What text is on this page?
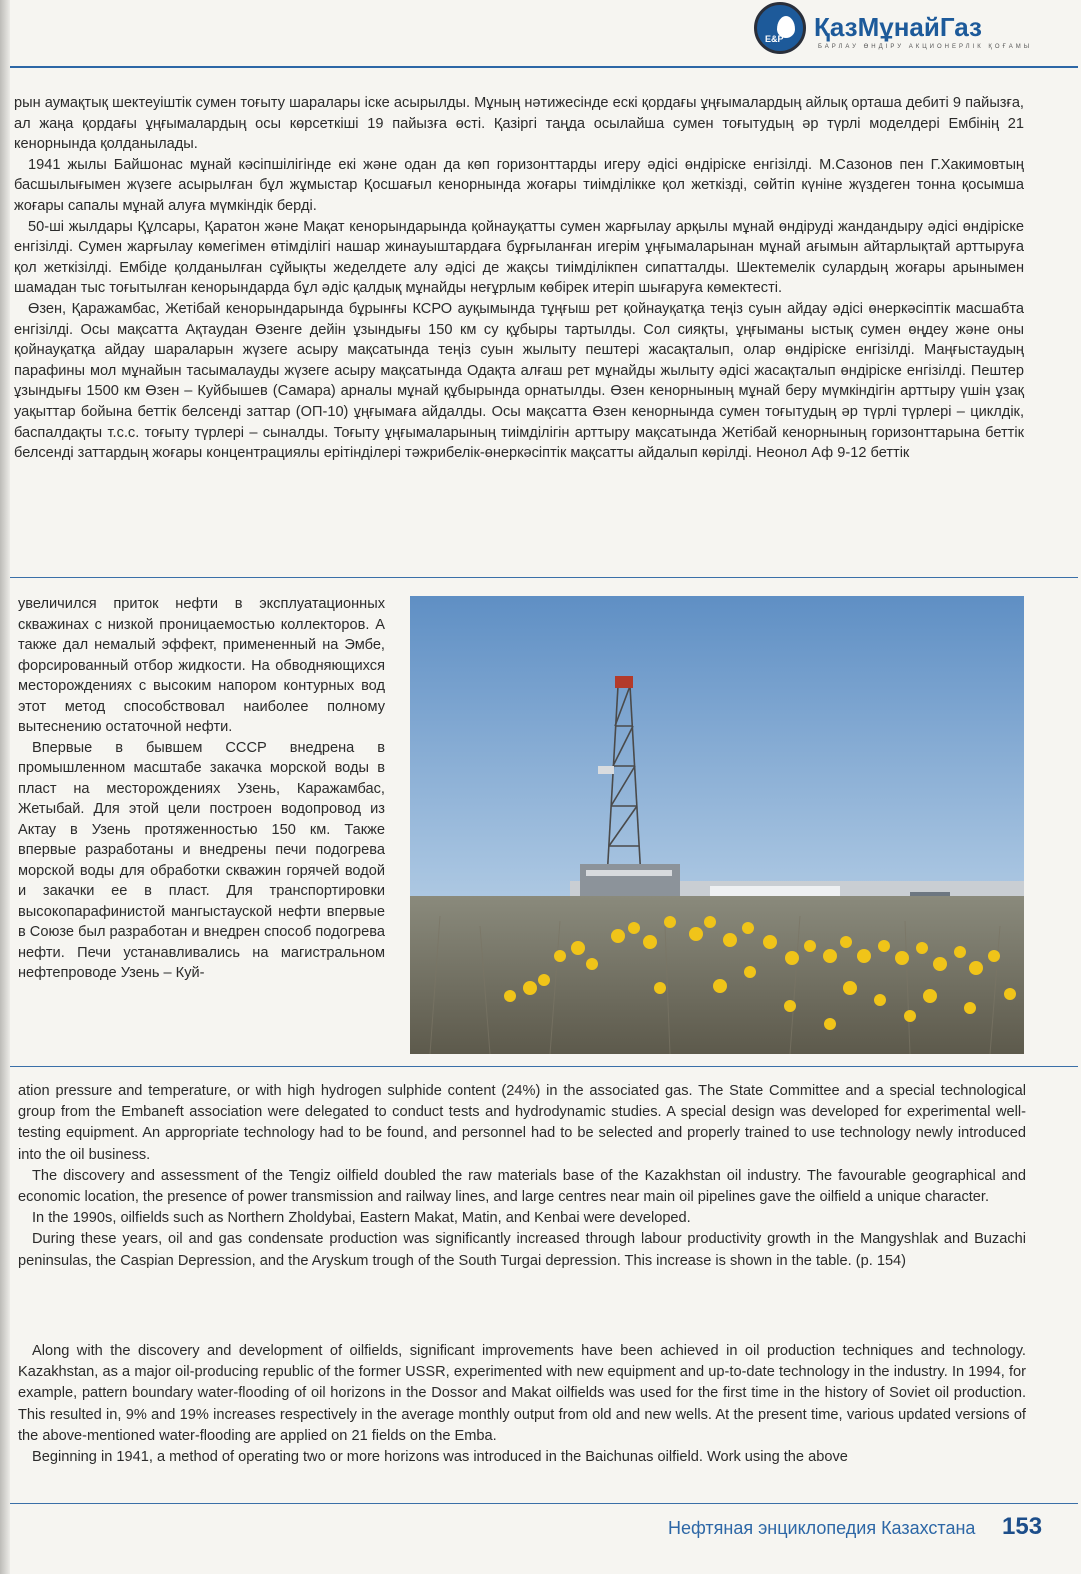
E&P ҚазМұнайГаз
БАРЛАУ ӨНДІРУ АКЦИОНЕРЛІК ҚОҒАМЫ

рын аумақтық шектеуіштік сумен тоғыту шаралары іске асырылды. Мұның нәтижесінде ескі қордағы ұңғымалардың айлық орташа дебиті 9 пайызға, ал жаңа қордағы ұңғымалардың осы көрсеткіші 19 пайызға өсті. Қазіргі таңда осылайша сумен тоғытудың әр түрлі моделдері Ембінің 21 кенорнында қолданылады.

1941 жылы Байшонас мұнай кәсіпшілігінде екі және одан да көп горизонттарды игеру әдісі өндіріске енгізілді. М.Сазонов пен Г.Хакимовтың басшылығымен жүзеге асырылған бұл жұмыстар Қосшағыл кенорнында жоғары тиімділікке қол жеткізді, сөйтіп күніне жүздеген тонна қосымша жоғары сапалы мұнай алуға мүмкіндік берді.

50-ші жылдары Құлсары, Қаратон және Мақат кенорындарында қойнауқатты сумен жарғылау арқылы мұнай өндіруді жандандыру әдісі өндіріске енгізілді. Сумен жарғылау көмегімен өтімділігі нашар жинауыштардаға бұрғыланған игерім ұңғымаларынан мұнай ағымын айтарлықтай арттыруға қол жеткізілді. Ембіде қолданылған сұйықты жеделдете алу әдісі де жақсы тиімділікпен сипатталды. Шектемелік сулардың жоғары арынымен шамадан тыс тоғытылған кенорындарда бұл әдіс қалдық мұнайды неғұрлым көбірек итеріп шығаруға көмектесті.

Өзен, Қаражамбас, Жетібай кенорындарында бұрынғы КСРО ауқымында тұңғыш рет қойнауқатқа теңіз суын айдау әдісі өнеркәсіптік масшабта енгізілді. Осы мақсатта Ақтаудан Өзенге дейін ұзындығы 150 км су құбыры тартылды. Сол сияқты, ұңғыманы ыстық сумен өңдеу және оны қойнауқатқа айдау шараларын жүзеге асыру мақсатында теңіз суын жылыту пештері жасақталып, олар өндіріске енгізілді. Маңғыстаудың парафины мол мұнайын тасымалауды жүзеге асыру мақсатында Одақта алғаш рет мұнайды жылыту әдісі жасақталып өндіріске енгізілді. Пештер ұзындығы 1500 км Өзен – Куйбышев (Самара) арналы мұнай құбырында орнатылды. Өзен кенорнының мұнай беру мүмкіндігін арттыру үшін ұзақ уақыттар бойына беттік белсенді заттар (ОП-10) ұңғымаға айдалды. Осы мақсатта Өзен кенорнында сумен тоғытудың әр түрлі түрлері – циклдік, баспалдақты т.с.с. тоғыту түрлері – сыналды. Тоғыту ұңғымаларының тиімділігін арттыру мақсатында Жетібай кенорнының горизонттарына беттік белсенді заттардың жоғары концентрациялы ерітінділері тәжрибелік-өнеркәсіптік мақсатты айдалып көрілді. Неонол Аф 9-12 беттік

увеличился приток нефти в эксплуатационных скважинах с низкой проницаемостью коллекторов. А также дал немалый эффект, примененный на Эмбе, форсированный отбор жидкости. На обводняющихся месторождениях с высоким напором контурных вод этот метод способствовал наиболее полному вытеснению остаточной нефти.

Впервые в бывшем СССР внедрена в промышленном масштабе закачка морской воды в пласт на месторождениях Узень, Каражамбас, Жетыбай. Для этой цели построен водопровод из Актау в Узень протяженностью 150 км. Также впервые разработаны и внедрены печи подогрева морской воды для обработки скважин горячей водой и закачки ее в пласт. Для транспортировки высокопарафинистой мангыстауской нефти впервые в Союзе был разработан и внедрен способ подогрева нефти. Печи устанавливались на магистральном нефтепроводе Узень – Куй-

ation pressure and temperature, or with high hydrogen sulphide content (24%) in the associated gas. The State Committee and a special technological group from the Embaneft association were delegated to conduct tests and hydrodynamic studies. A special design was developed for experimental well-testing equipment. An appropriate technology had to be found, and personnel had to be selected and properly trained to use technology newly introduced into the oil business.

The discovery and assessment of the Tengiz oilfield doubled the raw materials base of the Kazakhstan oil industry. The favourable geographical and economic location, the presence of power transmission and railway lines, and large centres near main oil pipelines gave the oilfield a unique character.

In the 1990s, oilfields such as Northern Zholdybai, Eastern Makat, Matin, and Kenbai were developed.

During these years, oil and gas condensate production was significantly increased through labour productivity growth in the Mangyshlak and Buzachi peninsulas, the Caspian Depression, and the Aryskum trough of the South Turgai depression. This increase is shown in the table. (p. 154)

Along with the discovery and development of oilfields, significant improvements have been achieved in oil production techniques and technology. Kazakhstan, as a major oil-producing republic of the former USSR, experimented with new equipment and up-to-date technology in the industry. In 1994, for example, pattern boundary water-flooding of oil horizons in the Dossor and Makat oilfields was used for the first time in the history of Soviet oil production. This resulted in, 9% and 19% increases respectively in the average monthly output from old and new wells. At the present time, various updated versions of the above-mentioned water-flooding are applied on 21 fields on the Emba.

Beginning in 1941, a method of operating two or more horizons was introduced in the Baichunas oilfield. Work using the above

Нефтяная энциклопедия Казахстана 153
